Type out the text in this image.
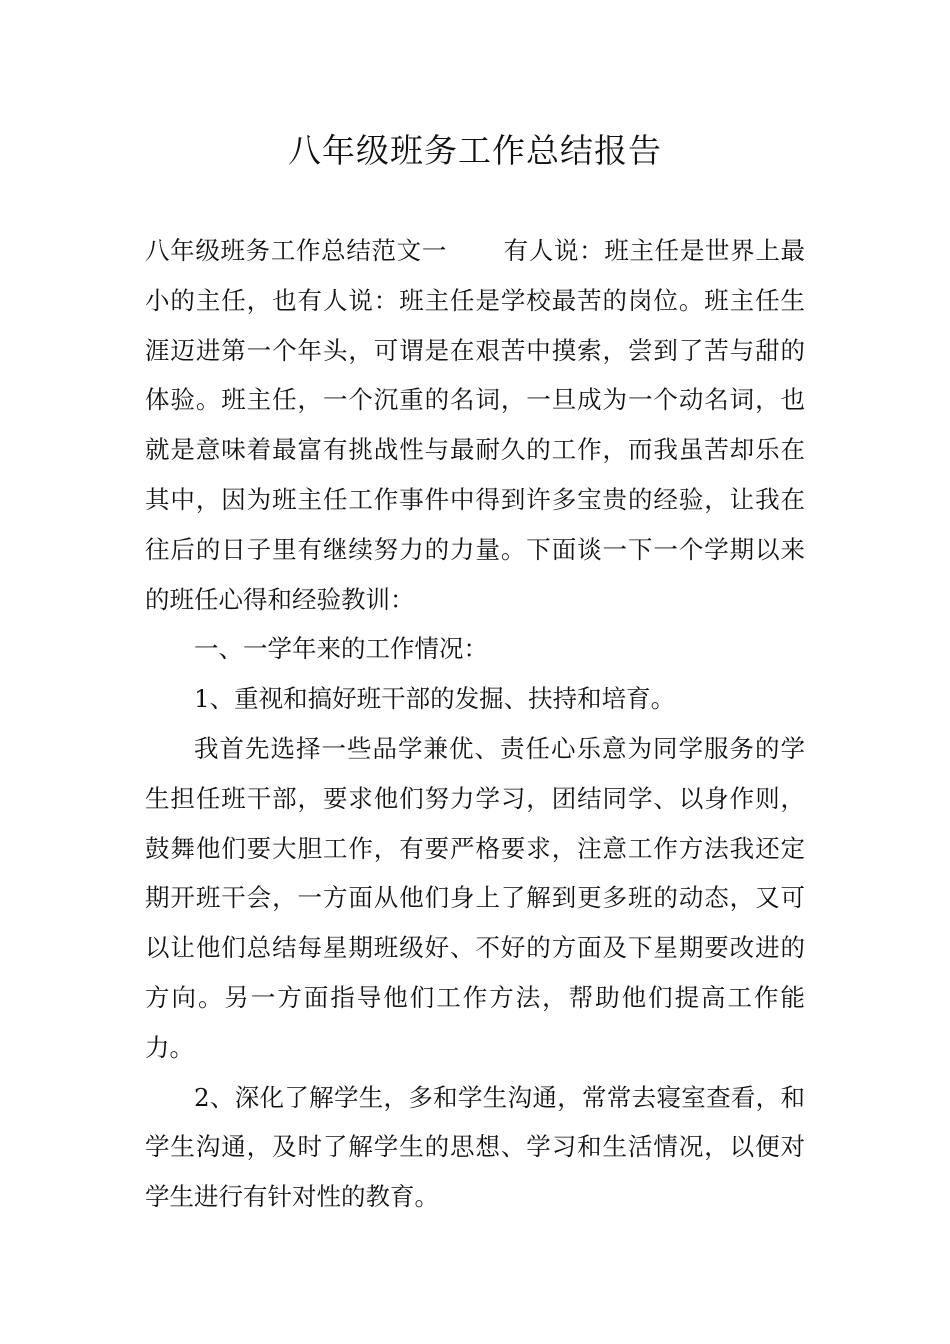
八年级班务工作总结报告

八年级班务工作总结范文一 有人说：班主任是世界上最小的主任，也有人说：班主任是学校最苦的岗位。班主任生涯迈进第一个年头，可谓是在艰苦中摸索，尝到了苦与甜的体验。班主任，一个沉重的名词，一旦成为一个动名词，也就是意味着最富有挑战性与最耐久的工作，而我虽苦却乐在其中，因为班主任工作事件中得到许多宝贵的经验，让我在往后的日子里有继续努力的力量。下面谈一下一个学期以来的班任心得和经验教训：

一、一学年来的工作情况：

1、重视和搞好班干部的发掘、扶持和培育。

我首先选择一些品学兼优、责任心乐意为同学服务的学生担任班干部，要求他们努力学习，团结同学、以身作则，鼓舞他们要大胆工作，有要严格要求，注意工作方法我还定期开班干会，一方面从他们身上了解到更多班的动态，又可以让他们总结每星期班级好、不好的方面及下星期要改进的方向。另一方面指导他们工作方法，帮助他们提高工作能力。

2、深化了解学生，多和学生沟通，常常去寝室查看，和学生沟通，及时了解学生的思想、学习和生活情况，以便对学生进行有针对性的教育。
